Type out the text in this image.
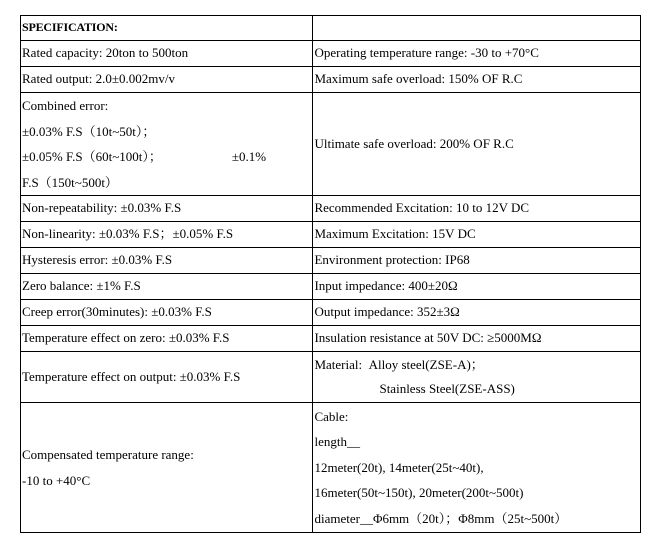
SPECIFICATION:	
Rated capacity: 20ton to 500ton	Operating temperature range: -30 to +70°C
Rated output: 2.0±0.002mv/v	Maximum safe overload: 150% OF R.C

Combined error:
±0.03% F.S（10t~50t）；
±0.05% F.S（60t~100t）； ±0.1%
F.S（150t~500t）	Ultimate safe overload: 200% OF R.C
Non-repeatability: ±0.03% F.S	Recommended Excitation: 10 to 12V DC
Non-linearity: ±0.03% F.S；±0.05% F.S	Maximum Excitation: 15V DC
Hysteresis error: ±0.03% F.S	Environment protection: IP68
Zero balance: ±1% F.S	Input impedance: 400±20Ω
Creep error(30minutes): ±0.03% F.S	Output impedance: 352±3Ω
Temperature effect on zero: ±0.03% F.S	Insulation resistance at 50V DC: ≥5000MΩ
Temperature effect on output: ±0.03% F.S	Material:  Alloy steel(ZSE-A)；
Stainless Steel(ZSE-ASS)

Compensated temperature range:
-10 to +40°C	Cable:
length__
12meter(20t), 14meter(25t~40t),
16meter(50t~150t), 20meter(200t~500t)
diameter__Φ6mm（20t）；Φ8mm（25t~500t）
